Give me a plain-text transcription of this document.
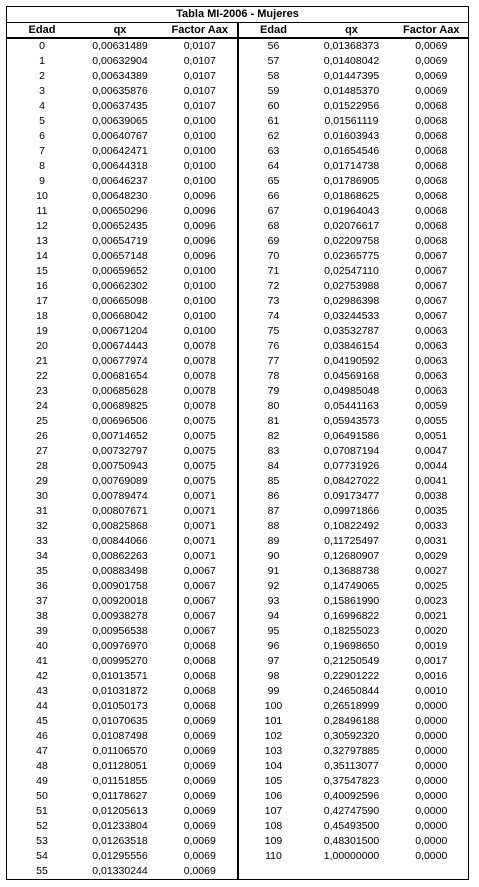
Tabla MI-2006 - Mujeres
Edad	qx	Factor Aax
0	0,00631489	0,0107
1	0,00632904	0,0107
2	0,00634389	0,0107
3	0,00635876	0,0107
4	0,00637435	0,0107
5	0,00639065	0,0100
6	0,00640767	0,0100
7	0,00642471	0,0100
8	0,00644318	0,0100
9	0,00646237	0,0100
10	0,00648230	0,0096
11	0,00650296	0,0096
12	0,00652435	0,0096
13	0,00654719	0,0096
14	0,00657148	0,0096
15	0,00659652	0,0100
16	0,00662302	0,0100
17	0,00665098	0,0100
18	0,00668042	0,0100
19	0,00671204	0,0100
20	0,00674443	0,0078
21	0,00677974	0,0078
22	0,00681654	0,0078
23	0,00685628	0,0078
24	0,00689825	0,0078
25	0,00696506	0,0075
26	0,00714652	0,0075
27	0,00732797	0,0075
28	0,00750943	0,0075
29	0,00769089	0,0075
30	0,00789474	0,0071
31	0,00807671	0,0071
32	0,00825868	0,0071
33	0,00844066	0,0071
34	0,00862263	0,0071
35	0,00883498	0,0067
36	0,00901758	0,0067
37	0,00920018	0,0067
38	0,00938278	0,0067
39	0,00956538	0,0067
40	0,00976970	0,0068
41	0,00995270	0,0068
42	0,01013571	0,0068
43	0,01031872	0,0068
44	0,01050173	0,0068
45	0,01070635	0,0069
46	0,01087498	0,0069
47	0,01106570	0,0069
48	0,01128051	0,0069
49	0,01151855	0,0069
50	0,01178627	0,0069
51	0,01205613	0,0069
52	0,01233804	0,0069
53	0,01263518	0,0069
54	0,01295556	0,0069
55	0,01330244	0,0069
Edad	qx	Factor Aax
56	0,01368373	0,0069
57	0,01408042	0,0069
58	0,01447395	0,0069
59	0,01485370	0,0069
60	0,01522956	0,0068
61	0,01561119	0,0068
62	0,01603943	0,0068
63	0,01654546	0,0068
64	0,01714738	0,0068
65	0,01786905	0,0068
66	0,01868625	0,0068
67	0,01964043	0,0068
68	0,02076617	0,0068
69	0,02209758	0,0068
70	0,02365775	0,0067
71	0,02547110	0,0067
72	0,02753988	0,0067
73	0,02986398	0,0067
74	0,03244533	0,0067
75	0,03532787	0,0063
76	0,03846154	0,0063
77	0,04190592	0,0063
78	0,04569168	0,0063
79	0,04985048	0,0063
80	0,05441163	0,0059
81	0,05943573	0,0055
82	0,06491586	0,0051
83	0,07087194	0,0047
84	0,07731926	0,0044
85	0,08427022	0,0041
86	0,09173477	0,0038
87	0,09971866	0,0035
88	0,10822492	0,0033
89	0,11725497	0,0031
90	0,12680907	0,0029
91	0,13688738	0,0027
92	0,14749065	0,0025
93	0,15861990	0,0023
94	0,16996822	0,0021
95	0,18255023	0,0020
96	0,19698650	0,0019
97	0,21250549	0,0017
98	0,22901222	0,0016
99	0,24650844	0,0010
100	0,26518999	0,0000
101	0,28496188	0,0000
102	0,30592320	0,0000
103	0,32797885	0,0000
104	0,35113077	0,0000
105	0,37547823	0,0000
106	0,40092596	0,0000
107	0,42747590	0,0000
108	0,45493500	0,0000
109	0,48301500	0,0000
110	1,00000000	0,0000
